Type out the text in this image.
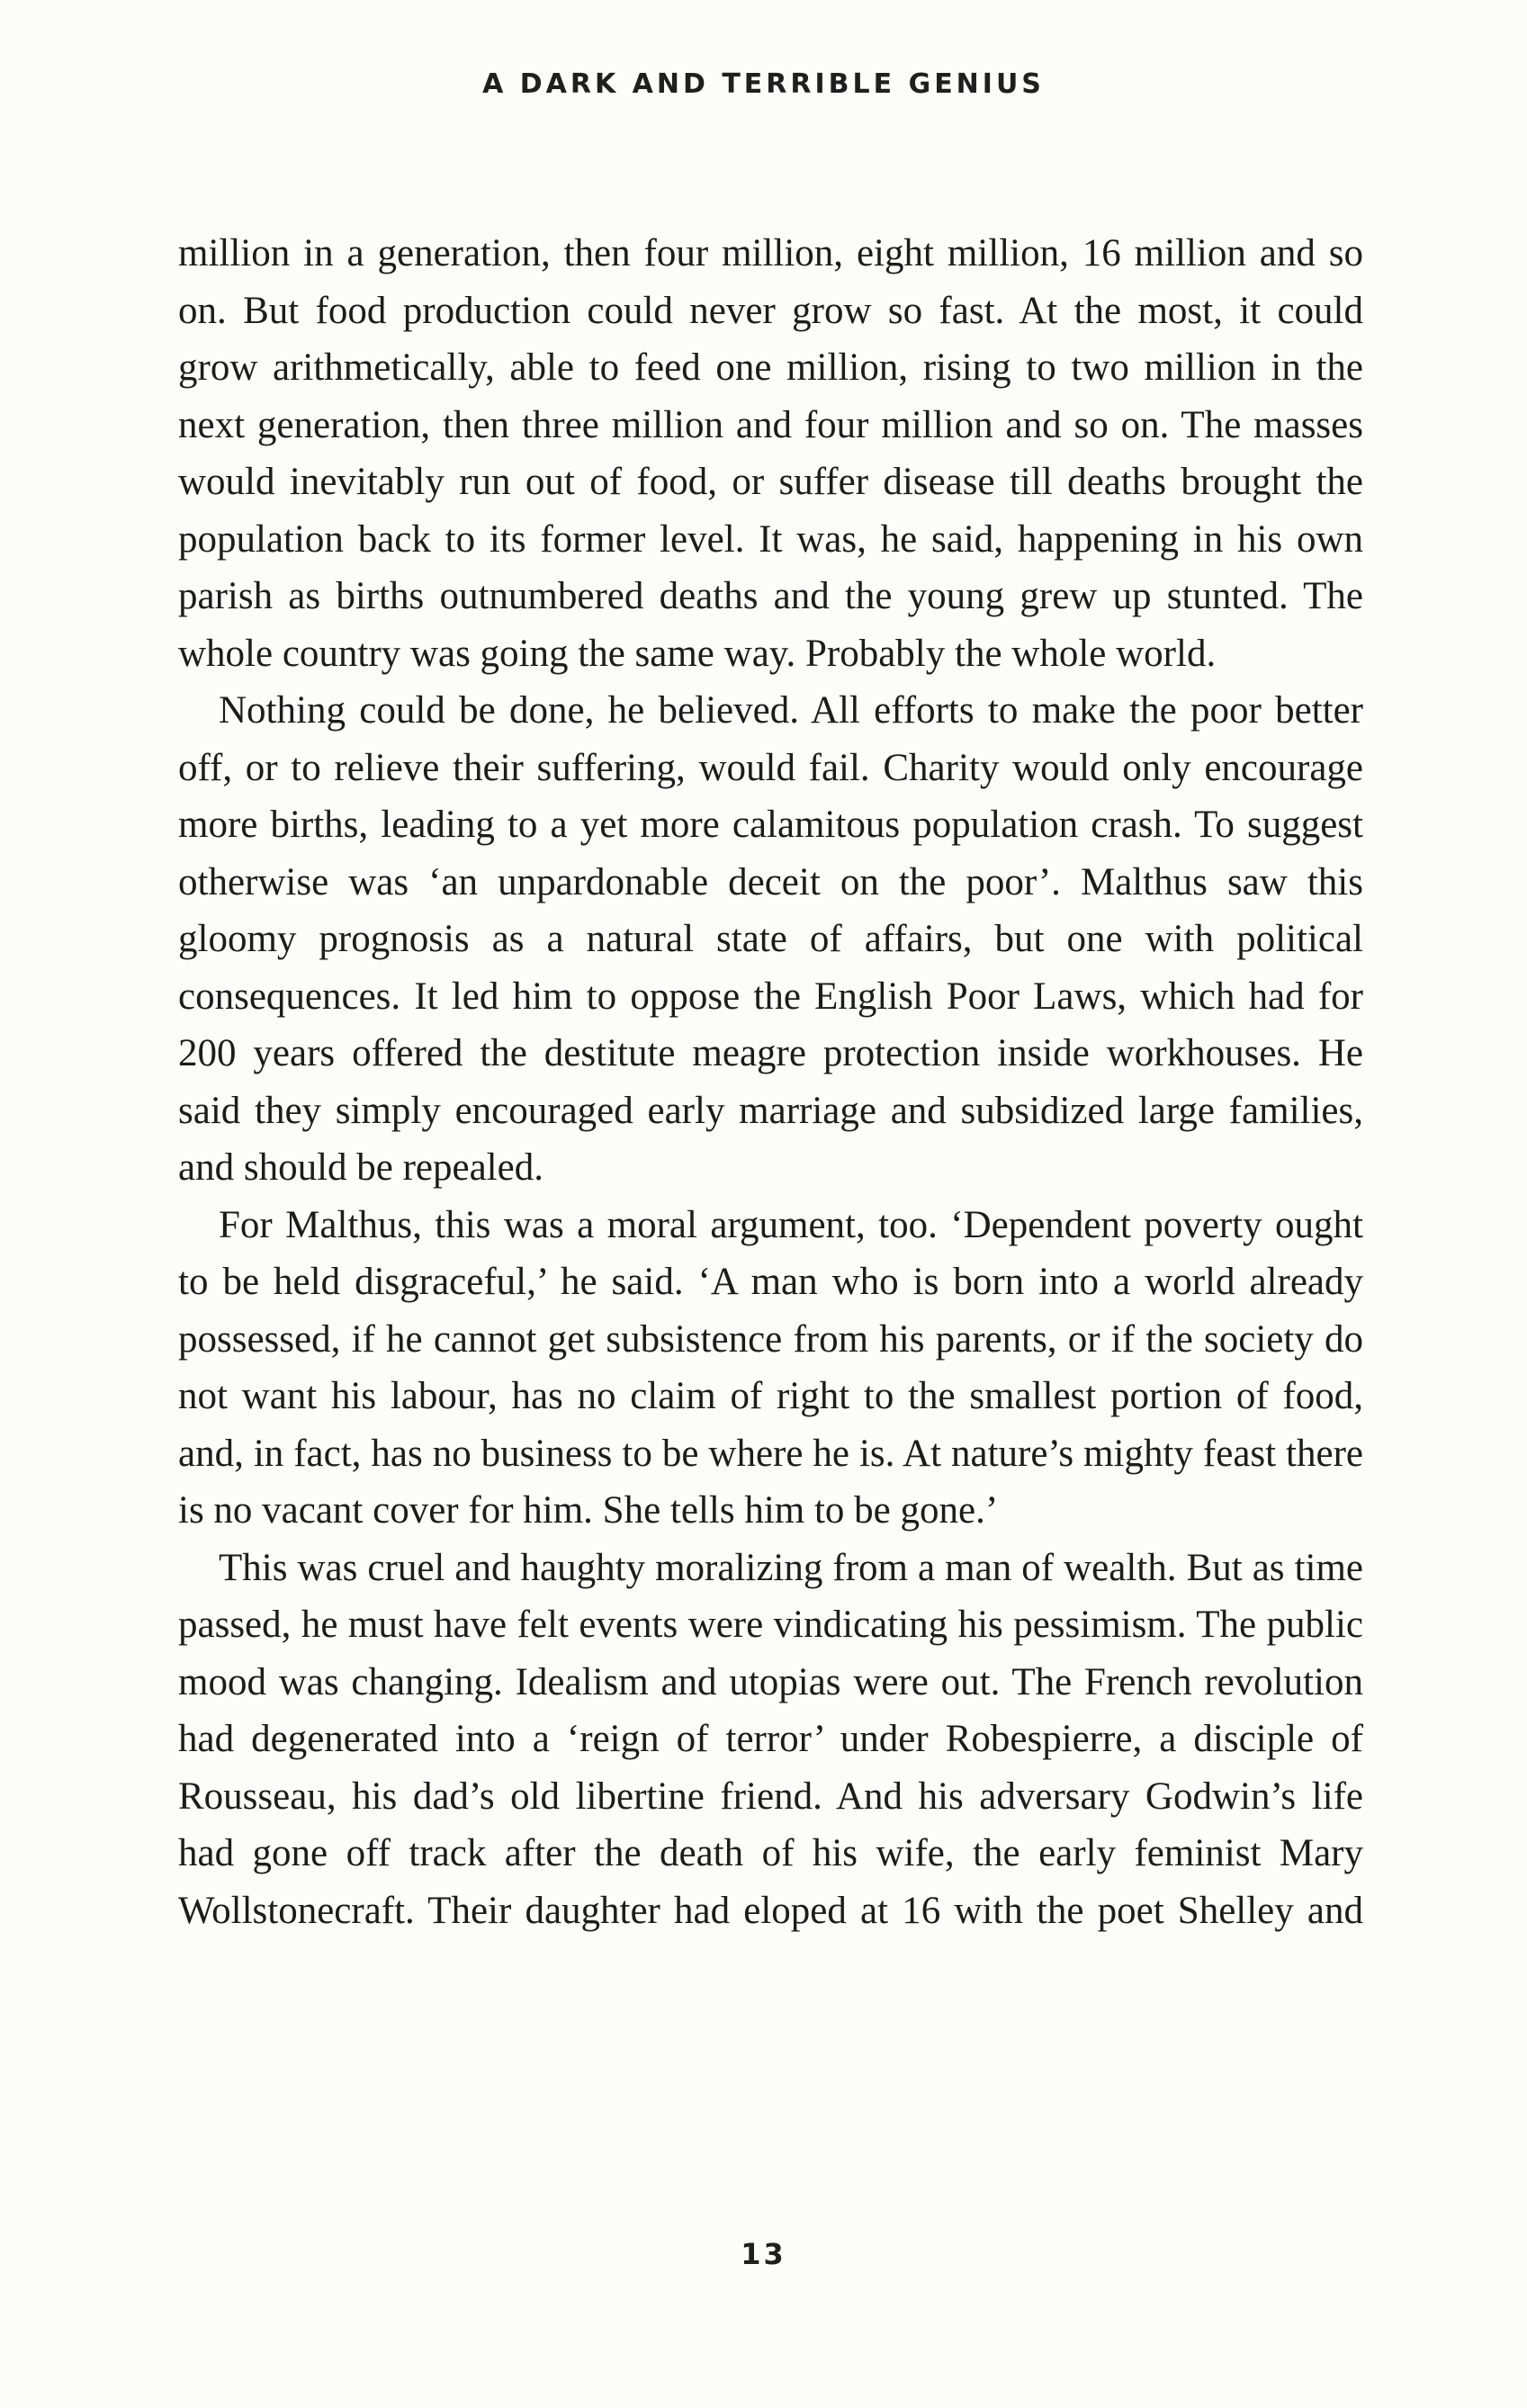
A DARK AND TERRIBLE GENIUS

million in a generation, then four million, eight million, 16 million and so on. But food production could never grow so fast. At the most, it could grow arithmetically, able to feed one million, rising to two million in the next generation, then three million and four million and so on. The masses would inevitably run out of food, or suffer disease till deaths brought the population back to its former level. It was, he said, happening in his own parish as births outnumbered deaths and the young grew up stunted. The whole country was going the same way. Probably the whole world.

Nothing could be done, he believed. All efforts to make the poor better off, or to relieve their suffering, would fail. Charity would only encourage more births, leading to a yet more calamitous population crash. To suggest otherwise was ‘an unpardonable deceit on the poor’. Malthus saw this gloomy prognosis as a natural state of affairs, but one with political consequences. It led him to oppose the English Poor Laws, which had for 200 years offered the destitute meagre protection inside workhouses. He said they simply encouraged early marriage and subsidized large families, and should be repealed.

For Malthus, this was a moral argument, too. ‘Dependent poverty ought to be held disgraceful,’ he said. ‘A man who is born into a world already possessed, if he cannot get subsistence from his parents, or if the society do not want his labour, has no claim of right to the smallest portion of food, and, in fact, has no business to be where he is. At nature’s mighty feast there is no vacant cover for him. She tells him to be gone.’

This was cruel and haughty moralizing from a man of wealth. But as time passed, he must have felt events were vindicating his pessimism. The public mood was changing. Idealism and utopias were out. The French revolution had degenerated into a ‘reign of terror’ under Robespierre, a disciple of Rousseau, his dad’s old libertine friend. And his adversary Godwin’s life had gone off track after the death of his wife, the early feminist Mary Wollstonecraft. Their daughter had eloped at 16 with the poet Shelley and

13
